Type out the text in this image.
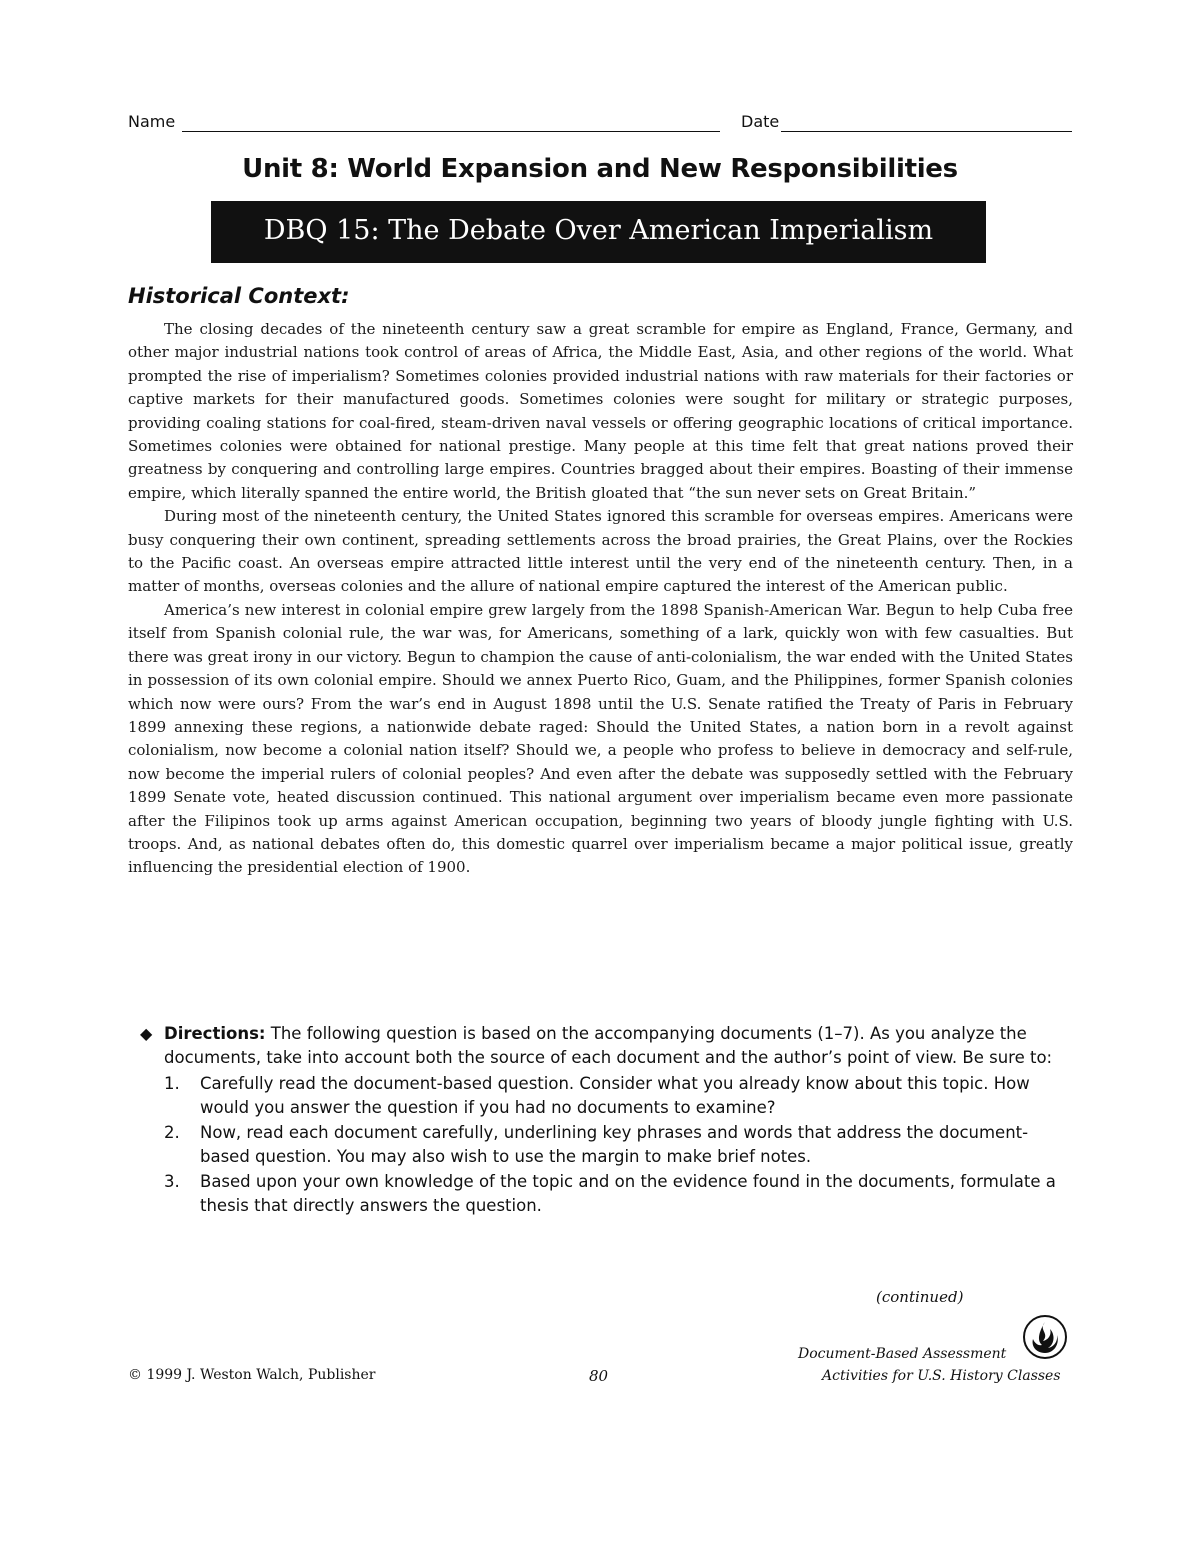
Name	Date
Unit 8: World Expansion and New Responsibilities
DBQ 15: The Debate Over American Imperialism
Historical Context:

The closing decades of the nineteenth century saw a great scramble for empire as England, France, Germany, and other major industrial nations took control of areas of Africa, the Middle East, Asia, and other regions of the world. What prompted the rise of imperialism? Sometimes colonies provided industrial nations with raw materials for their factories or captive markets for their manufactured goods. Sometimes colonies were sought for military or strategic purposes, providing coaling stations for coal-fired, steam-driven naval vessels or offering geographic locations of critical importance. Sometimes colonies were obtained for national prestige. Many people at this time felt that great nations proved their greatness by conquering and controlling large empires. Countries bragged about their empires. Boasting of their immense empire, which literally spanned the entire world, the British gloated that “the sun never sets on Great Britain.”

During most of the nineteenth century, the United States ignored this scramble for overseas empires. Americans were busy conquering their own continent, spreading settlements across the broad prairies, the Great Plains, over the Rockies to the Pacific coast. An overseas empire attracted little interest until the very end of the nineteenth century. Then, in a matter of months, overseas colonies and the allure of national empire captured the interest of the American public.

America’s new interest in colonial empire grew largely from the 1898 Spanish-American War. Begun to help Cuba free itself from Spanish colonial rule, the war was, for Americans, something of a lark, quickly won with few casualties. But there was great irony in our victory. Begun to champion the cause of anti-colonialism, the war ended with the United States in possession of its own colonial empire. Should we annex Puerto Rico, Guam, and the Philippines, former Spanish colonies which now were ours? From the war’s end in August 1898 until the U.S. Senate ratified the Treaty of Paris in February 1899 annexing these regions, a nationwide debate raged: Should the United States, a nation born in a revolt against colonialism, now become a colonial nation itself? Should we, a people who profess to believe in democracy and self-rule, now become the imperial rulers of colonial peoples? And even after the debate was supposedly settled with the February 1899 Senate vote, heated discussion continued. This national argument over imperialism became even more passionate after the Filipinos took up arms against American occupation, beginning two years of bloody jungle fighting with U.S. troops. And, as national debates often do, this domestic quarrel over imperialism became a major political issue, greatly influencing the presidential election of 1900.

◆ Directions: The following question is based on the accompanying documents (1–7). As you analyze the documents, take into account both the source of each document and the author’s point of view. Be sure to:
1.	Carefully read the document-based question. Consider what you already know about this topic. How would you answer the question if you had no documents to examine?
2.	Now, read each document carefully, underlining key phrases and words that address the document-based question. You may also wish to use the margin to make brief notes.
3.	Based upon your own knowledge of the topic and on the evidence found in the documents, formulate a thesis that directly answers the question.
(continued)
© 1999 J. Weston Walch, Publisher	80
Document-Based Assessment
Activities for U.S. History Classes
